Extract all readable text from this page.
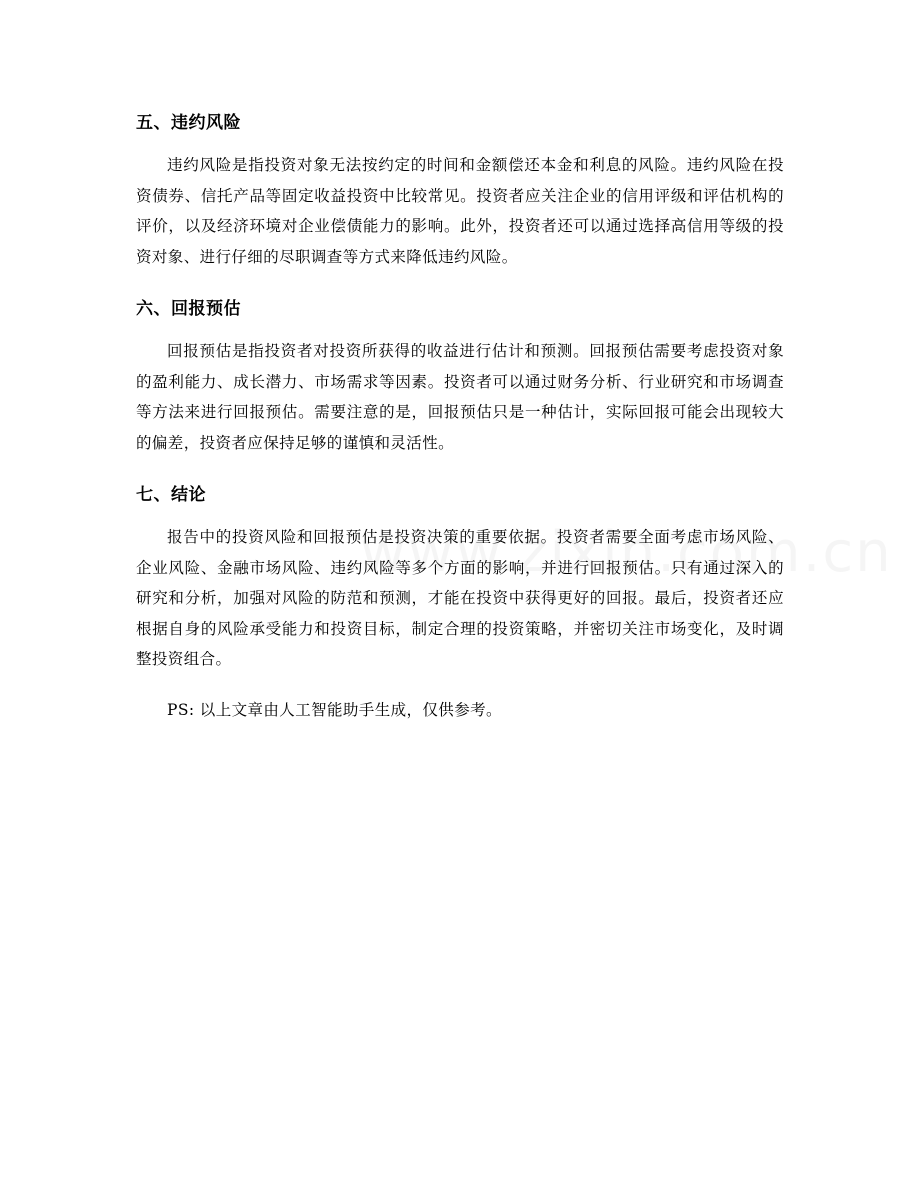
五、违约风险

违约风险是指投资对象无法按约定的时间和金额偿还本金和利息的风险。违约风险在投资债券、信托产品等固定收益投资中比较常见。投资者应关注企业的信用评级和评估机构的评价，以及经济环境对企业偿债能力的影响。此外，投资者还可以通过选择高信用等级的投资对象、进行仔细的尽职调查等方式来降低违约风险。

六、回报预估

回报预估是指投资者对投资所获得的收益进行估计和预测。回报预估需要考虑投资对象的盈利能力、成长潜力、市场需求等因素。投资者可以通过财务分析、行业研究和市场调查等方法来进行回报预估。需要注意的是，回报预估只是一种估计，实际回报可能会出现较大的偏差，投资者应保持足够的谨慎和灵活性。

七、结论

报告中的投资风险和回报预估是投资决策的重要依据。投资者需要全面考虑市场风险、企业风险、金融市场风险、违约风险等多个方面的影响，并进行回报预估。只有通过深入的研究和分析，加强对风险的防范和预测，才能在投资中获得更好的回报。最后，投资者还应根据自身的风险承受能力和投资目标，制定合理的投资策略，并密切关注市场变化，及时调整投资组合。

PS: 以上文章由人工智能助手生成，仅供参考。
